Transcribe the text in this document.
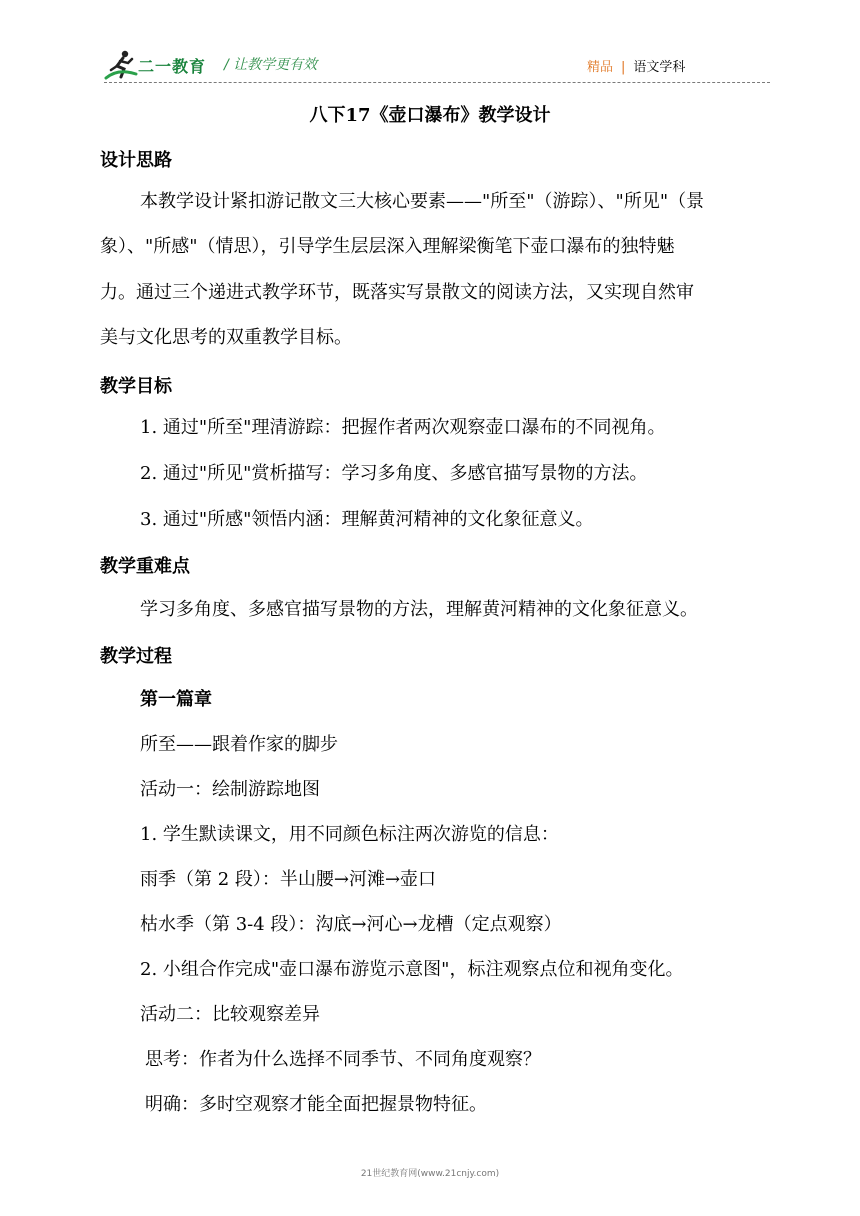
二一教育 / 让教学更有效	精品 | 语文学科
八下17《壶口瀑布》教学设计
设计思路
本教学设计紧扣游记散文三大核心要素——"所至"（游踪）、"所见"（景
象）、"所感"（情思），引导学生层层深入理解梁衡笔下壶口瀑布的独特魅
力。通过三个递进式教学环节，既落实写景散文的阅读方法，又实现自然审
美与文化思考的双重教学目标。
教学目标
1. 通过"所至"理清游踪：把握作者两次观察壶口瀑布的不同视角。
2. 通过"所见"赏析描写：学习多角度、多感官描写景物的方法。
3. 通过"所感"领悟内涵：理解黄河精神的文化象征意义。
教学重难点
学习多角度、多感官描写景物的方法，理解黄河精神的文化象征意义。
教学过程
第一篇章
所至——跟着作家的脚步
活动一：绘制游踪地图
1. 学生默读课文，用不同颜色标注两次游览的信息：
雨季（第 2 段）：半山腰→河滩→壶口
枯水季（第 3-4 段）：沟底→河心→龙槽（定点观察）
2. 小组合作完成"壶口瀑布游览示意图"，标注观察点位和视角变化。
活动二：比较观察差异
思考：作者为什么选择不同季节、不同角度观察？
明确：多时空观察才能全面把握景物特征。
21世纪教育网(www.21cnjy.com)
